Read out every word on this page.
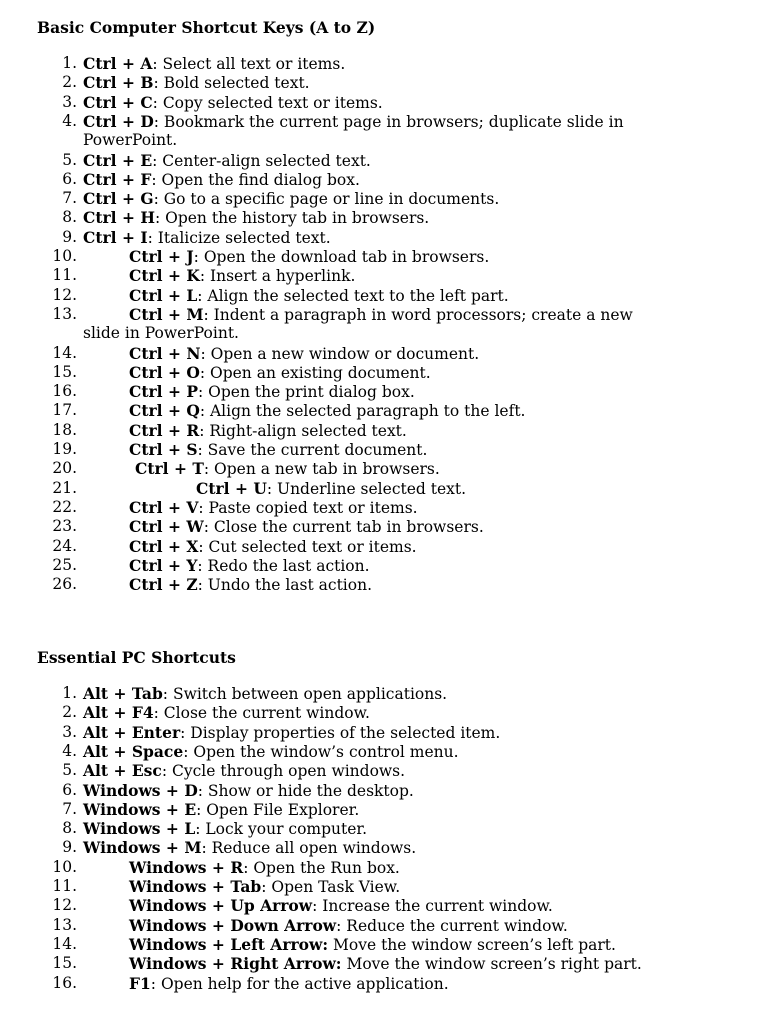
Basic Computer Shortcut Keys (A to Z)
1. Ctrl + A: Select all text or items.
2. Ctrl + B: Bold selected text.
3. Ctrl + C: Copy selected text or items.
4. Ctrl + D: Bookmark the current page in browsers; duplicate slide in
PowerPoint.
5. Ctrl + E: Center-align selected text.
6. Ctrl + F: Open the find dialog box.
7. Ctrl + G: Go to a specific page or line in documents.
8. Ctrl + H: Open the history tab in browsers.
9. Ctrl + I: Italicize selected text.
10.	Ctrl + J: Open the download tab in browsers.
11.	Ctrl + K: Insert a hyperlink.
12.	Ctrl + L: Align the selected text to the left part.
13.	Ctrl + M: Indent a paragraph in word processors; create a new
slide in PowerPoint.
14.	Ctrl + N: Open a new window or document.
15.	Ctrl + O: Open an existing document.
16.	Ctrl + P: Open the print dialog box.
17.	Ctrl + Q: Align the selected paragraph to the left.
18.	Ctrl + R: Right-align selected text.
19.	Ctrl + S: Save the current document.
20.	Ctrl + T: Open a new tab in browsers.
21.	Ctrl + U: Underline selected text.
22.	Ctrl + V: Paste copied text or items.
23.	Ctrl + W: Close the current tab in browsers.
24.	Ctrl + X: Cut selected text or items.
25.	Ctrl + Y: Redo the last action.
26.	Ctrl + Z: Undo the last action.
Essential PC Shortcuts
1. Alt + Tab: Switch between open applications.
2. Alt + F4: Close the current window.
3. Alt + Enter: Display properties of the selected item.
4. Alt + Space: Open the window’s control menu.
5. Alt + Esc: Cycle through open windows.
6. Windows + D: Show or hide the desktop.
7. Windows + E: Open File Explorer.
8. Windows + L: Lock your computer.
9. Windows + M: Reduce all open windows.
10.	Windows + R: Open the Run box.
11.	Windows + Tab: Open Task View.
12.	Windows + Up Arrow: Increase the current window.
13.	Windows + Down Arrow: Reduce the current window.
14.	Windows + Left Arrow: Move the window screen’s left part.
15.	Windows + Right Arrow: Move the window screen’s right part.
16.	F1: Open help for the active application.
